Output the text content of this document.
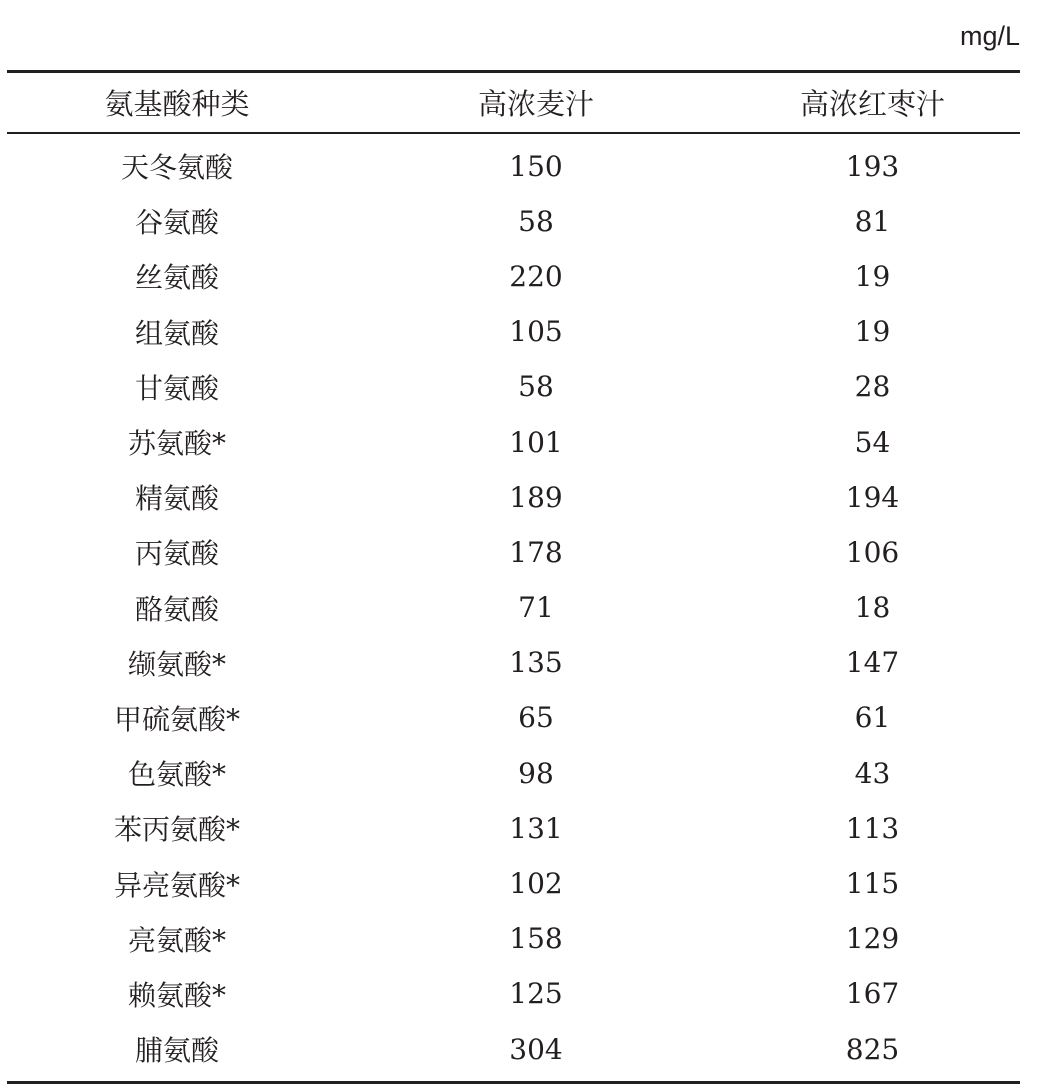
mg/L
氨基酸种类	高浓麦汁	高浓红枣汁
天冬氨酸	150	193
谷氨酸	58	81
丝氨酸	220	19
组氨酸	105	19
甘氨酸	58	28
苏氨酸*	101	54
精氨酸	189	194
丙氨酸	178	106
酪氨酸	71	18
缬氨酸*	135	147
甲硫氨酸*	65	61
色氨酸*	98	43
苯丙氨酸*	131	113
异亮氨酸*	102	115
亮氨酸*	158	129
赖氨酸*	125	167
脯氨酸	304	825
